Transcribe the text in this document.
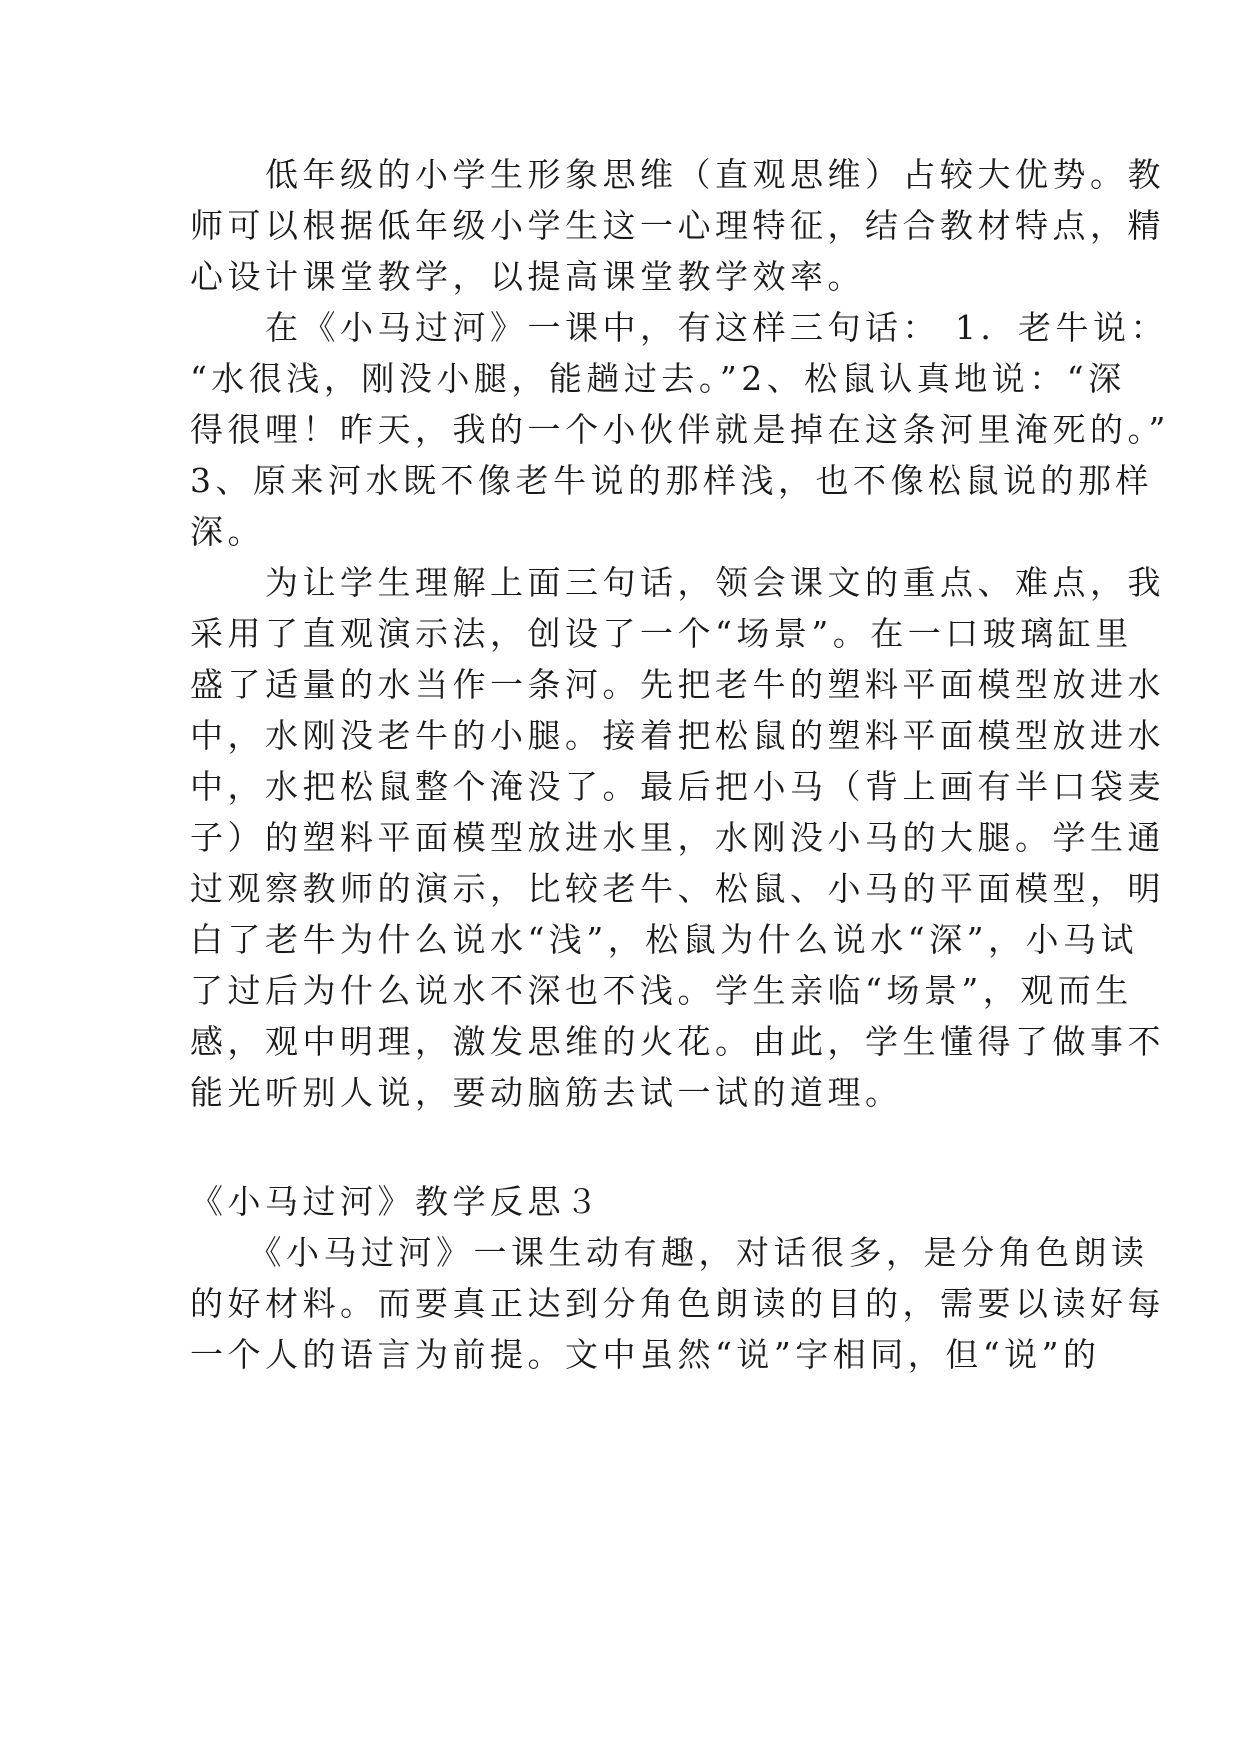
　　低年级的小学生形象思维（直观思维）占较大优势。教
师可以根据低年级小学生这一心理特征，结合教材特点，精
心设计课堂教学，以提高课堂教学效率。
　　在《小马过河》一课中，有这样三句话： 1．老牛说：
“水很浅，刚没小腿，能趟过去。”2、松鼠认真地说：“深
得很哩！昨天，我的一个小伙伴就是掉在这条河里淹死的。”
3、原来河水既不像老牛说的那样浅，也不像松鼠说的那样
深。
　　为让学生理解上面三句话，领会课文的重点、难点，我
采用了直观演示法，创设了一个“场景”。在一口玻璃缸里
盛了适量的水当作一条河。先把老牛的塑料平面模型放进水
中，水刚没老牛的小腿。接着把松鼠的塑料平面模型放进水
中，水把松鼠整个淹没了。最后把小马（背上画有半口袋麦
子）的塑料平面模型放进水里，水刚没小马的大腿。学生通
过观察教师的演示，比较老牛、松鼠、小马的平面模型，明
白了老牛为什么说水“浅”，松鼠为什么说水“深”，小马试
了过后为什么说水不深也不浅。学生亲临“场景”，观而生
感，观中明理，激发思维的火花。由此，学生懂得了做事不
能光听别人说，要动脑筋去试一试的道理。
《小马过河》教学反思３
　　《小马过河》一课生动有趣，对话很多，是分角色朗读
的好材料。而要真正达到分角色朗读的目的，需要以读好每
一个人的语言为前提。文中虽然“说”字相同，但“说”的
